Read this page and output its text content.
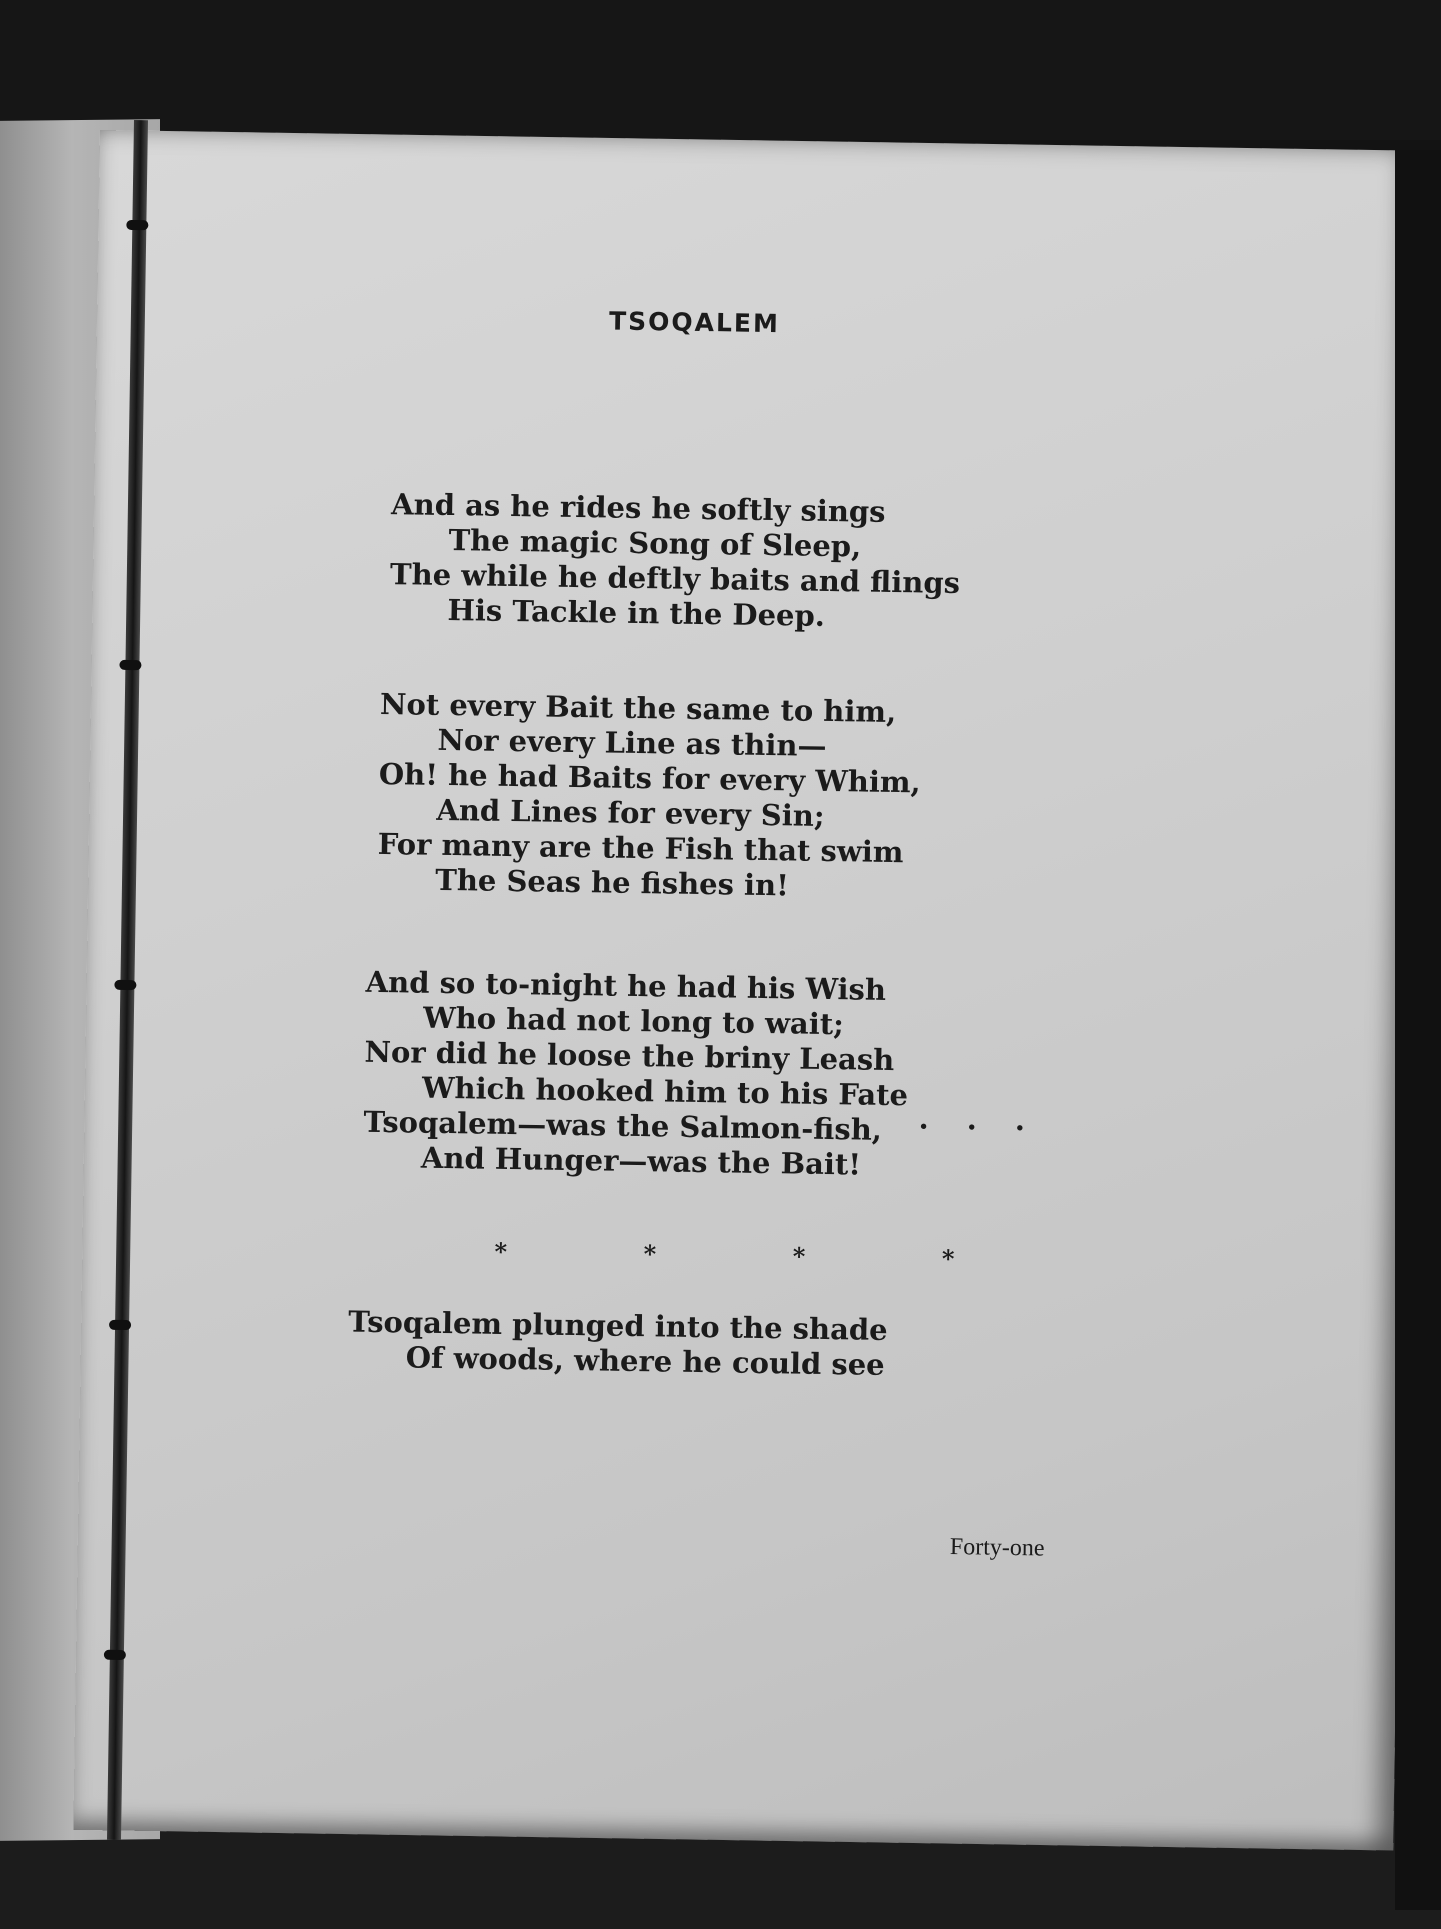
TSOQALEM
And as he rides he softly sings
The magic Song of Sleep,
The while he deftly baits and flings
His Tackle in the Deep.
Not every Bait the same to him,
Nor every Line as thin—
Oh! he had Baits for every Whim,
And Lines for every Sin;
For many are the Fish that swim
The Seas he fishes in!
And so to-night he had his Wish
Who had not long to wait;
Nor did he loose the briny Leash
Which hooked him to his Fate
Tsoqalem—was the Salmon-fish,
And Hunger—was the Bait!
. . .
*	*	*	*
Tsoqalem plunged into the shade
Of woods, where he could see
Forty-one
